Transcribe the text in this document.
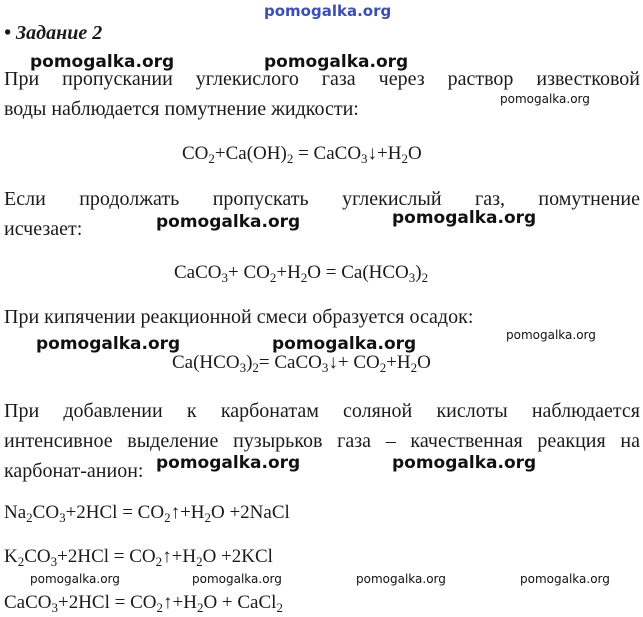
pomogalka.org
• Задание 2
При пропускании углекислого газа через раствор известковой
воды наблюдается помутнение жидкости:
$CO_2+Ca(OH)_2$ = $CaCO_3↓+H_2O$
Если продолжать пропускать углекислый газ, помутнение
исчезает:
CaCO$_3$+ $CO_2+H_2O = Ca(HCO_3)_2$
При кипячении реакционной смеси образуется осадок:
$Ca(HCO_3)_2=$ CaCO$_3$↓+ $CO_2+H_2O$
При добавлении к карбонатам соляной кислоты наблюдается
интенсивное выделение пузырьков газа – качественная реакция на
карбонат-анион:
$Na_2CO_3+2HCl$ = $CO_2↑+H_2O$ +2NaCl
$K_2CO_3+2HCl$ = $CO_2↑+H_2O +2KCl$
CaCO$_3$+2HCl = $CO_2↑+H_2O$ + CaCl$_2$
pomogalka.org	pomogalka.org
pomogalka.org
pomogalka.org	pomogalka.org
pomogalka.org	pomogalka.org	pomogalka.org
pomogalka.org	pomogalka.org
pomogalka.org	pomogalka.org	pomogalka.org	pomogalka.org
